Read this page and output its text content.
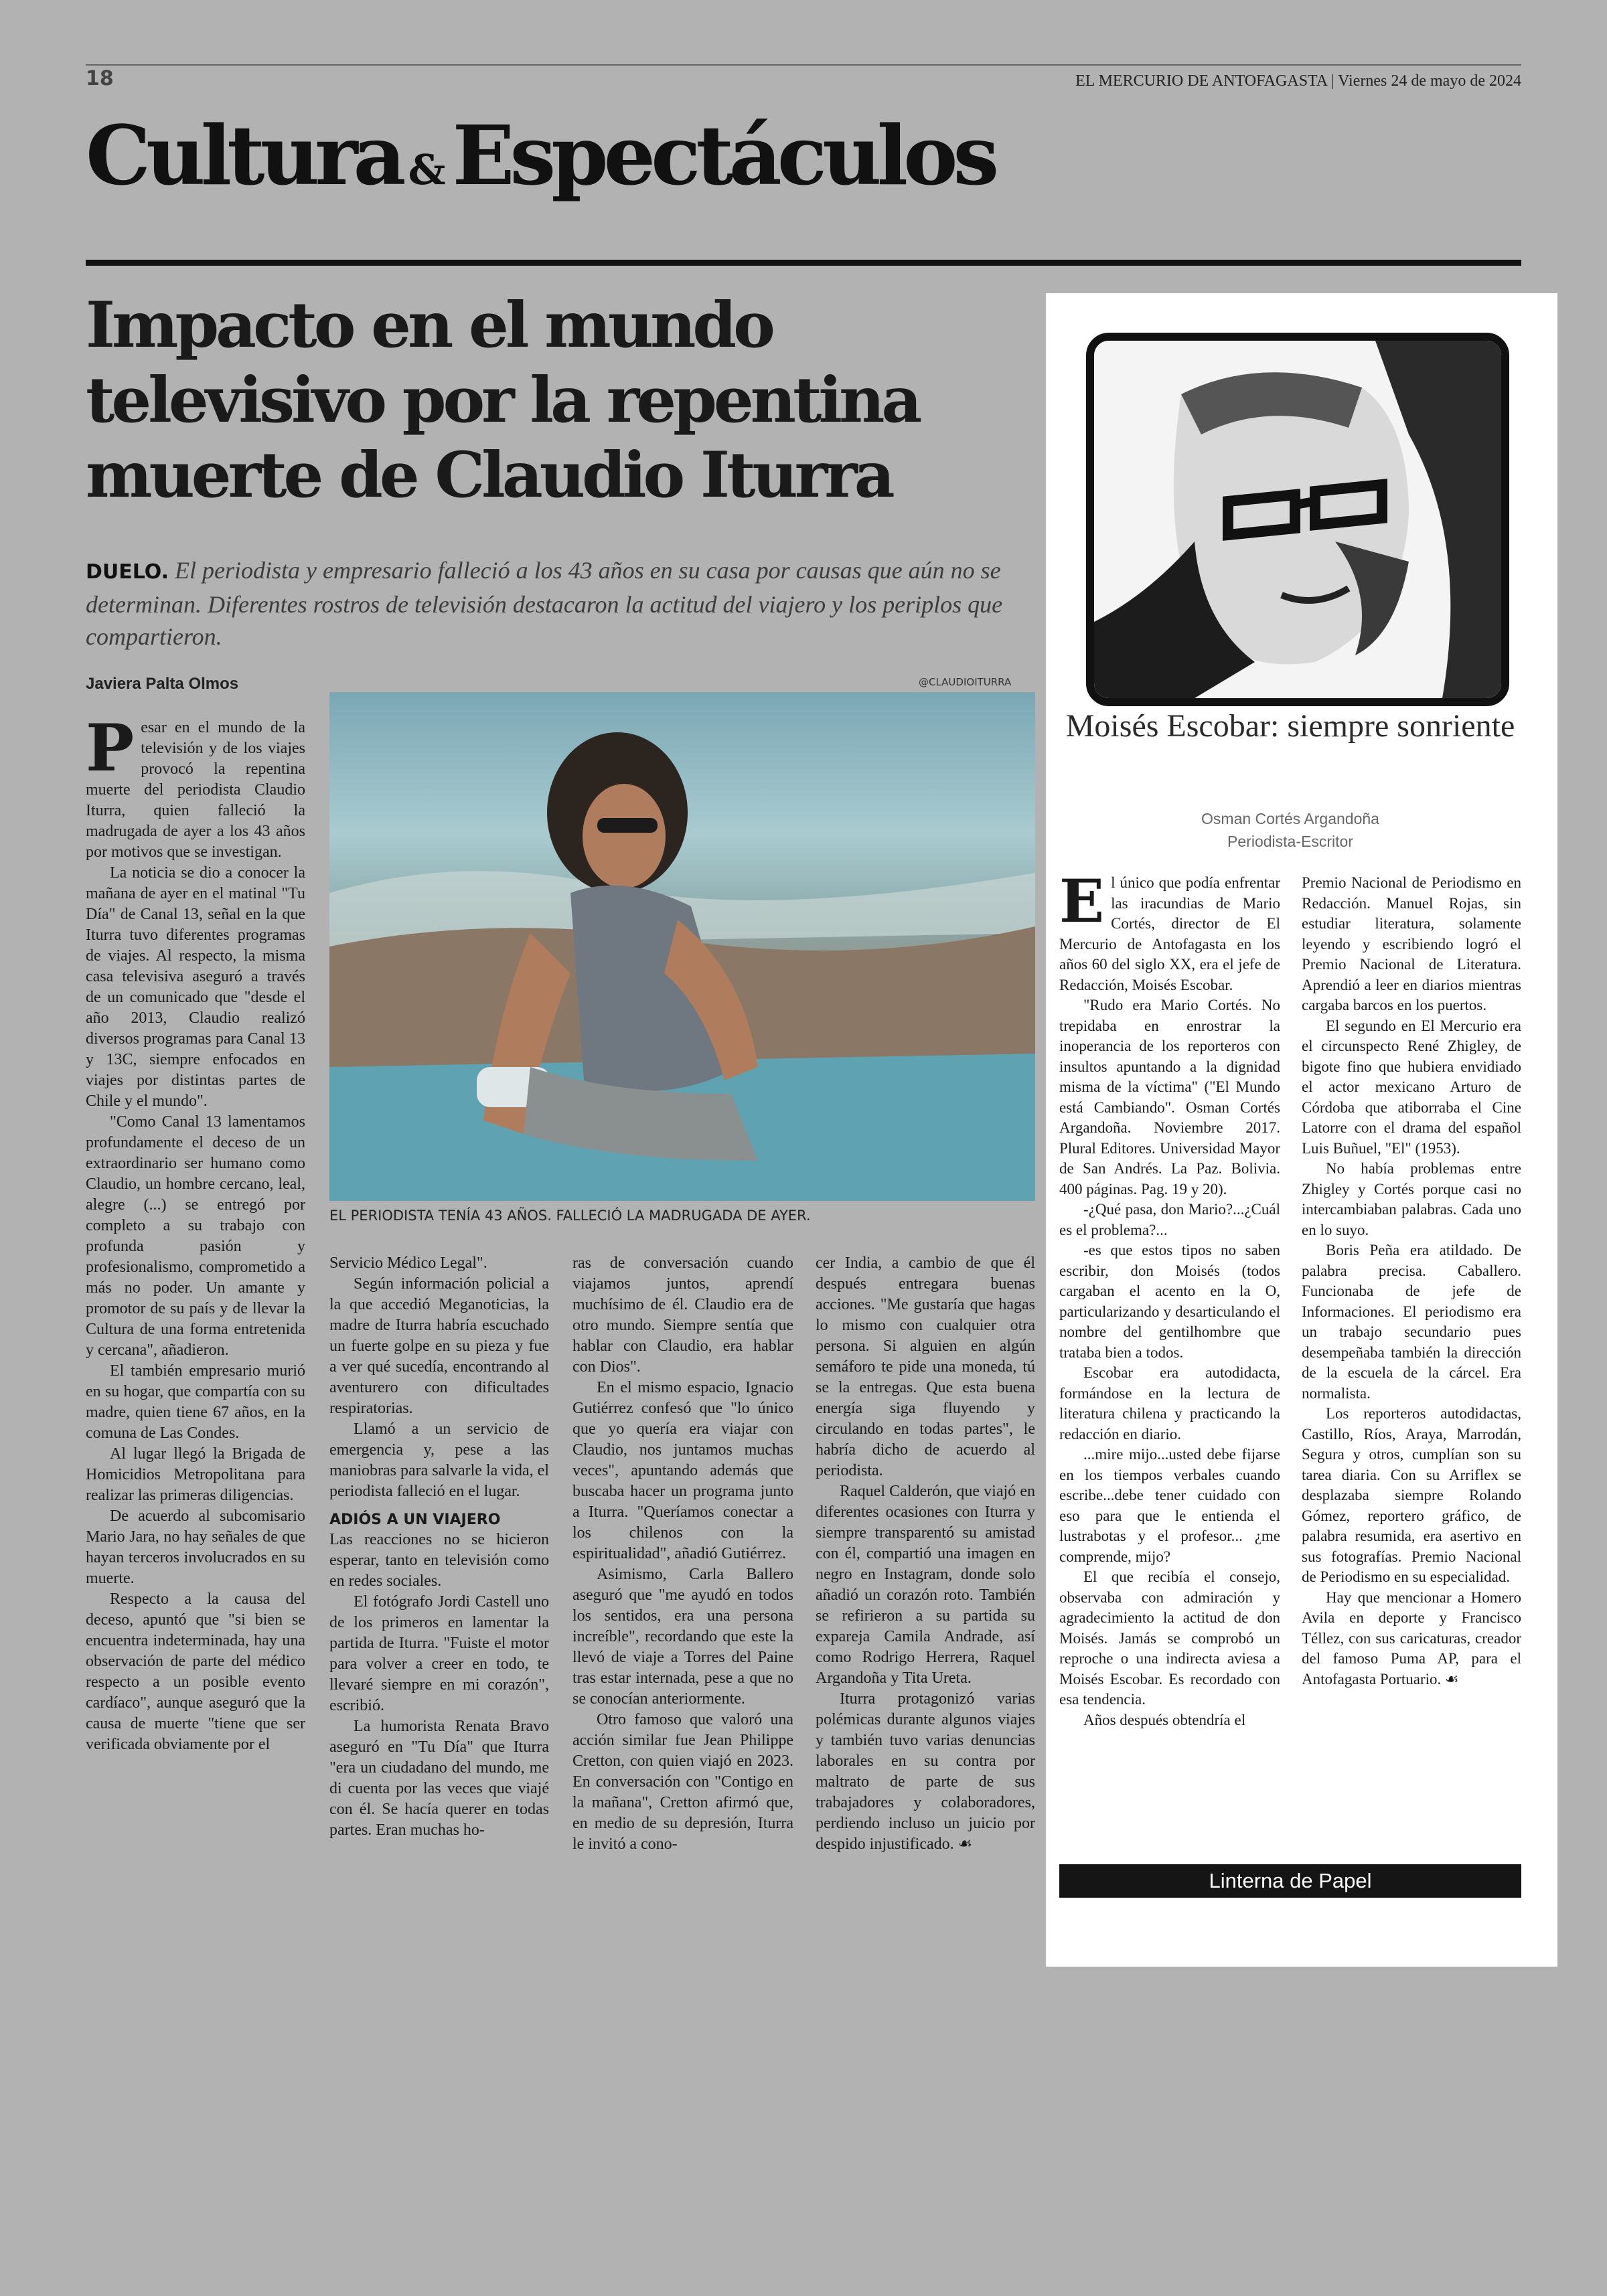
18	EL MERCURIO DE ANTOFAGASTA | Viernes 24 de mayo de 2024
Cultura &Espectáculos
Impacto en el mundo televisivo por la repentina muerte de Claudio Iturra
DUELO. El periodista y empresario falleció a los 43 años en su casa por causas que aún no se determinan. Diferentes rostros de televisión destacaron la actitud del viajero y los periplos que compartieron.
Javiera Palta Olmos	@CLAUDIOITURRA
EL PERIODISTA TENÍA 43 AÑOS. FALLECIÓ LA MADRUGADA DE AYER.

Pesar en el mundo de la televisión y de los viajes provocó la repentina muerte del periodista Claudio Iturra, quien falleció la madrugada de ayer a los 43 años por motivos que se investigan.

La noticia se dio a conocer la mañana de ayer en el matinal "Tu Día" de Canal 13, señal en la que Iturra tuvo diferentes programas de viajes. Al respecto, la misma casa televisiva aseguró a través de un comunicado que "desde el año 2013, Claudio realizó diversos programas para Canal 13 y 13C, siempre enfocados en viajes por distintas partes de Chile y el mundo".

"Como Canal 13 lamentamos profundamente el deceso de un extraordinario ser humano como Claudio, un hombre cercano, leal, alegre (...) se entregó por completo a su trabajo con profunda pasión y profesionalismo, comprometido a más no poder. Un amante y promotor de su país y de llevar la Cultura de una forma entretenida y cercana", añadieron.

El también empresario murió en su hogar, que compartía con su madre, quien tiene 67 años, en la comuna de Las Condes.

Al lugar llegó la Brigada de Homicidios Metropolitana para realizar las primeras diligencias.

De acuerdo al subcomisario Mario Jara, no hay señales de que hayan terceros involucrados en su muerte.

Respecto a la causa del deceso, apuntó que "si bien se encuentra indeterminada, hay una observación de parte del médico respecto a un posible evento cardíaco", aunque aseguró que la causa de muerte "tiene que ser verificada obviamente por el

Servicio Médico Legal".

Según información policial a la que accedió Meganoticias, la madre de Iturra habría escuchado un fuerte golpe en su pieza y fue a ver qué sucedía, encontrando al aventurero con dificultades respiratorias.

Llamó a un servicio de emergencia y, pese a las maniobras para salvarle la vida, el periodista falleció en el lugar.

ADIÓS A UN VIAJERO

Las reacciones no se hicieron esperar, tanto en televisión como en redes sociales.

El fotógrafo Jordi Castell uno de los primeros en lamentar la partida de Iturra. "Fuiste el motor para volver a creer en todo, te llevaré siempre en mi corazón", escribió.

La humorista Renata Bravo aseguró en "Tu Día" que Iturra "era un ciudadano del mundo, me di cuenta por las veces que viajé con él. Se hacía querer en todas partes. Eran muchas ho-

ras de conversación cuando viajamos juntos, aprendí muchísimo de él. Claudio era de otro mundo. Siempre sentía que hablar con Claudio, era hablar con Dios".

En el mismo espacio, Ignacio Gutiérrez confesó que "lo único que yo quería era viajar con Claudio, nos juntamos muchas veces", apuntando además que buscaba hacer un programa junto a Iturra. "Queríamos conectar a los chilenos con la espiritualidad", añadió Gutiérrez.

Asimismo, Carla Ballero aseguró que "me ayudó en todos los sentidos, era una persona increíble", recordando que este la llevó de viaje a Torres del Paine tras estar internada, pese a que no se conocían anteriormente.

Otro famoso que valoró una acción similar fue Jean Philippe Cretton, con quien viajó en 2023. En conversación con "Contigo en la mañana", Cretton afirmó que, en medio de su depresión, Iturra le invitó a cono-

cer India, a cambio de que él después entregara buenas acciones. "Me gustaría que hagas lo mismo con cualquier otra persona. Si alguien en algún semáforo te pide una moneda, tú se la entregas. Que esta buena energía siga fluyendo y circulando en todas partes", le habría dicho de acuerdo al periodista.

Raquel Calderón, que viajó en diferentes ocasiones con Iturra y siempre transparentó su amistad con él, compartió una imagen en negro en Instagram, donde solo añadió un corazón roto. También se refirieron a su partida su expareja Camila Andrade, así como Rodrigo Herrera, Raquel Argandoña y Tita Ureta.

Iturra protagonizó varias polémicas durante algunos viajes y también tuvo varias denuncias laborales en su contra por maltrato de parte de sus trabajadores y colaboradores, perdiendo incluso un juicio por despido injustificado. ☙

Moisés Escobar: siempre sonriente
Osman Cortés Argandoña
Periodista-Escritor

El único que podía enfrentar las iracundias de Mario Cortés, director de El Mercurio de Antofagasta en los años 60 del siglo XX, era el jefe de Redacción, Moisés Escobar.

"Rudo era Mario Cortés. No trepidaba en enrostrar la inoperancia de los reporteros con insultos apuntando a la dignidad misma de la víctima" ("El Mundo está Cambiando". Osman Cortés Argandoña. Noviembre 2017. Plural Editores. Universidad Mayor de San Andrés. La Paz. Bolivia. 400 páginas. Pag. 19 y 20).

-¿Qué pasa, don Mario?...¿Cuál es el problema?...

-es que estos tipos no saben escribir, don Moisés (todos cargaban el acento en la O, particularizando y desarticulando el nombre del gentilhombre que trataba bien a todos.

Escobar era autodidacta, formándose en la lectura de literatura chilena y practicando la redacción en diario.

...mire mijo...usted debe fijarse en los tiempos verbales cuando escribe...debe tener cuidado con eso para que le entienda el lustrabotas y el profesor... ¿me comprende, mijo?

El que recibía el consejo, observaba con admiración y agradecimiento la actitud de don Moisés. Jamás se comprobó un reproche o una indirecta aviesa a Moisés Escobar. Es recordado con esa tendencia.

Años después obtendría el

Premio Nacional de Periodismo en Redacción. Manuel Rojas, sin estudiar literatura, solamente leyendo y escribiendo logró el Premio Nacional de Literatura. Aprendió a leer en diarios mientras cargaba barcos en los puertos.

El segundo en El Mercurio era el circunspecto René Zhigley, de bigote fino que hubiera envidiado el actor mexicano Arturo de Córdoba que atiborraba el Cine Latorre con el drama del español Luis Buñuel, "El" (1953).

No había problemas entre Zhigley y Cortés porque casi no intercambiaban palabras. Cada uno en lo suyo.

Boris Peña era atildado. De palabra precisa. Caballero. Funcionaba de jefe de Informaciones. El periodismo era un trabajo secundario pues desempeñaba también la dirección de la escuela de la cárcel. Era normalista.

Los reporteros autodidactas, Castillo, Ríos, Araya, Marrodán, Segura y otros, cumplían son su tarea diaria. Con su Arriflex se desplazaba siempre Rolando Gómez, reportero gráfico, de palabra resumida, era asertivo en sus fotografías. Premio Nacional de Periodismo en su especialidad.

Hay que mencionar a Homero Avila en deporte y Francisco Téllez, con sus caricaturas, creador del famoso Puma AP, para el Antofagasta Portuario. ☙

Linterna de Papel
